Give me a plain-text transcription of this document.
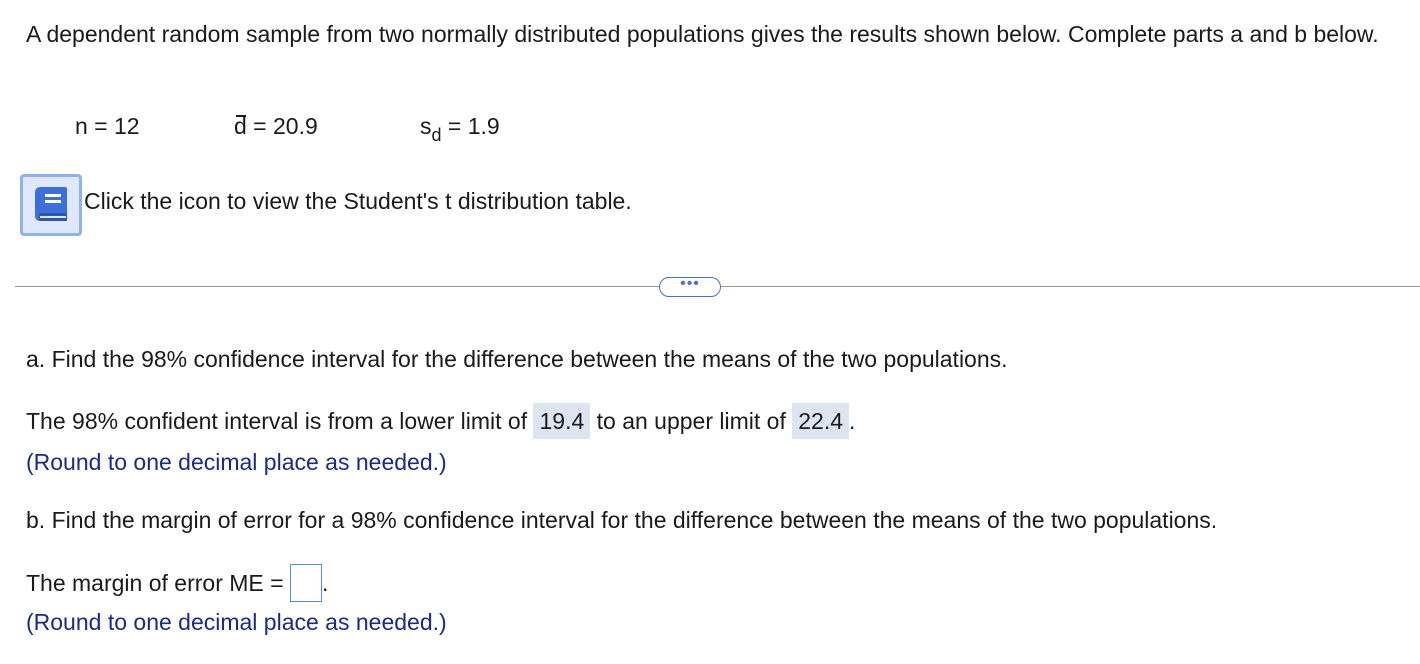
A dependent random sample from two normally distributed populations gives the results shown below. Complete parts a and b below.
n = 12	d = 20.9	$s_d = 1.9$
Click the icon to view the Student's t distribution table.
•••
a. Find the 98% confidence interval for the difference between the means of the two populations.
The 98% confident interval is from a lower limit of 19.4 to an upper limit of 22.4 .
(Round to one decimal place as needed.)
b. Find the margin of error for a 98% confidence interval for the difference between the means of the two populations.
The margin of error ME = .
(Round to one decimal place as needed.)
